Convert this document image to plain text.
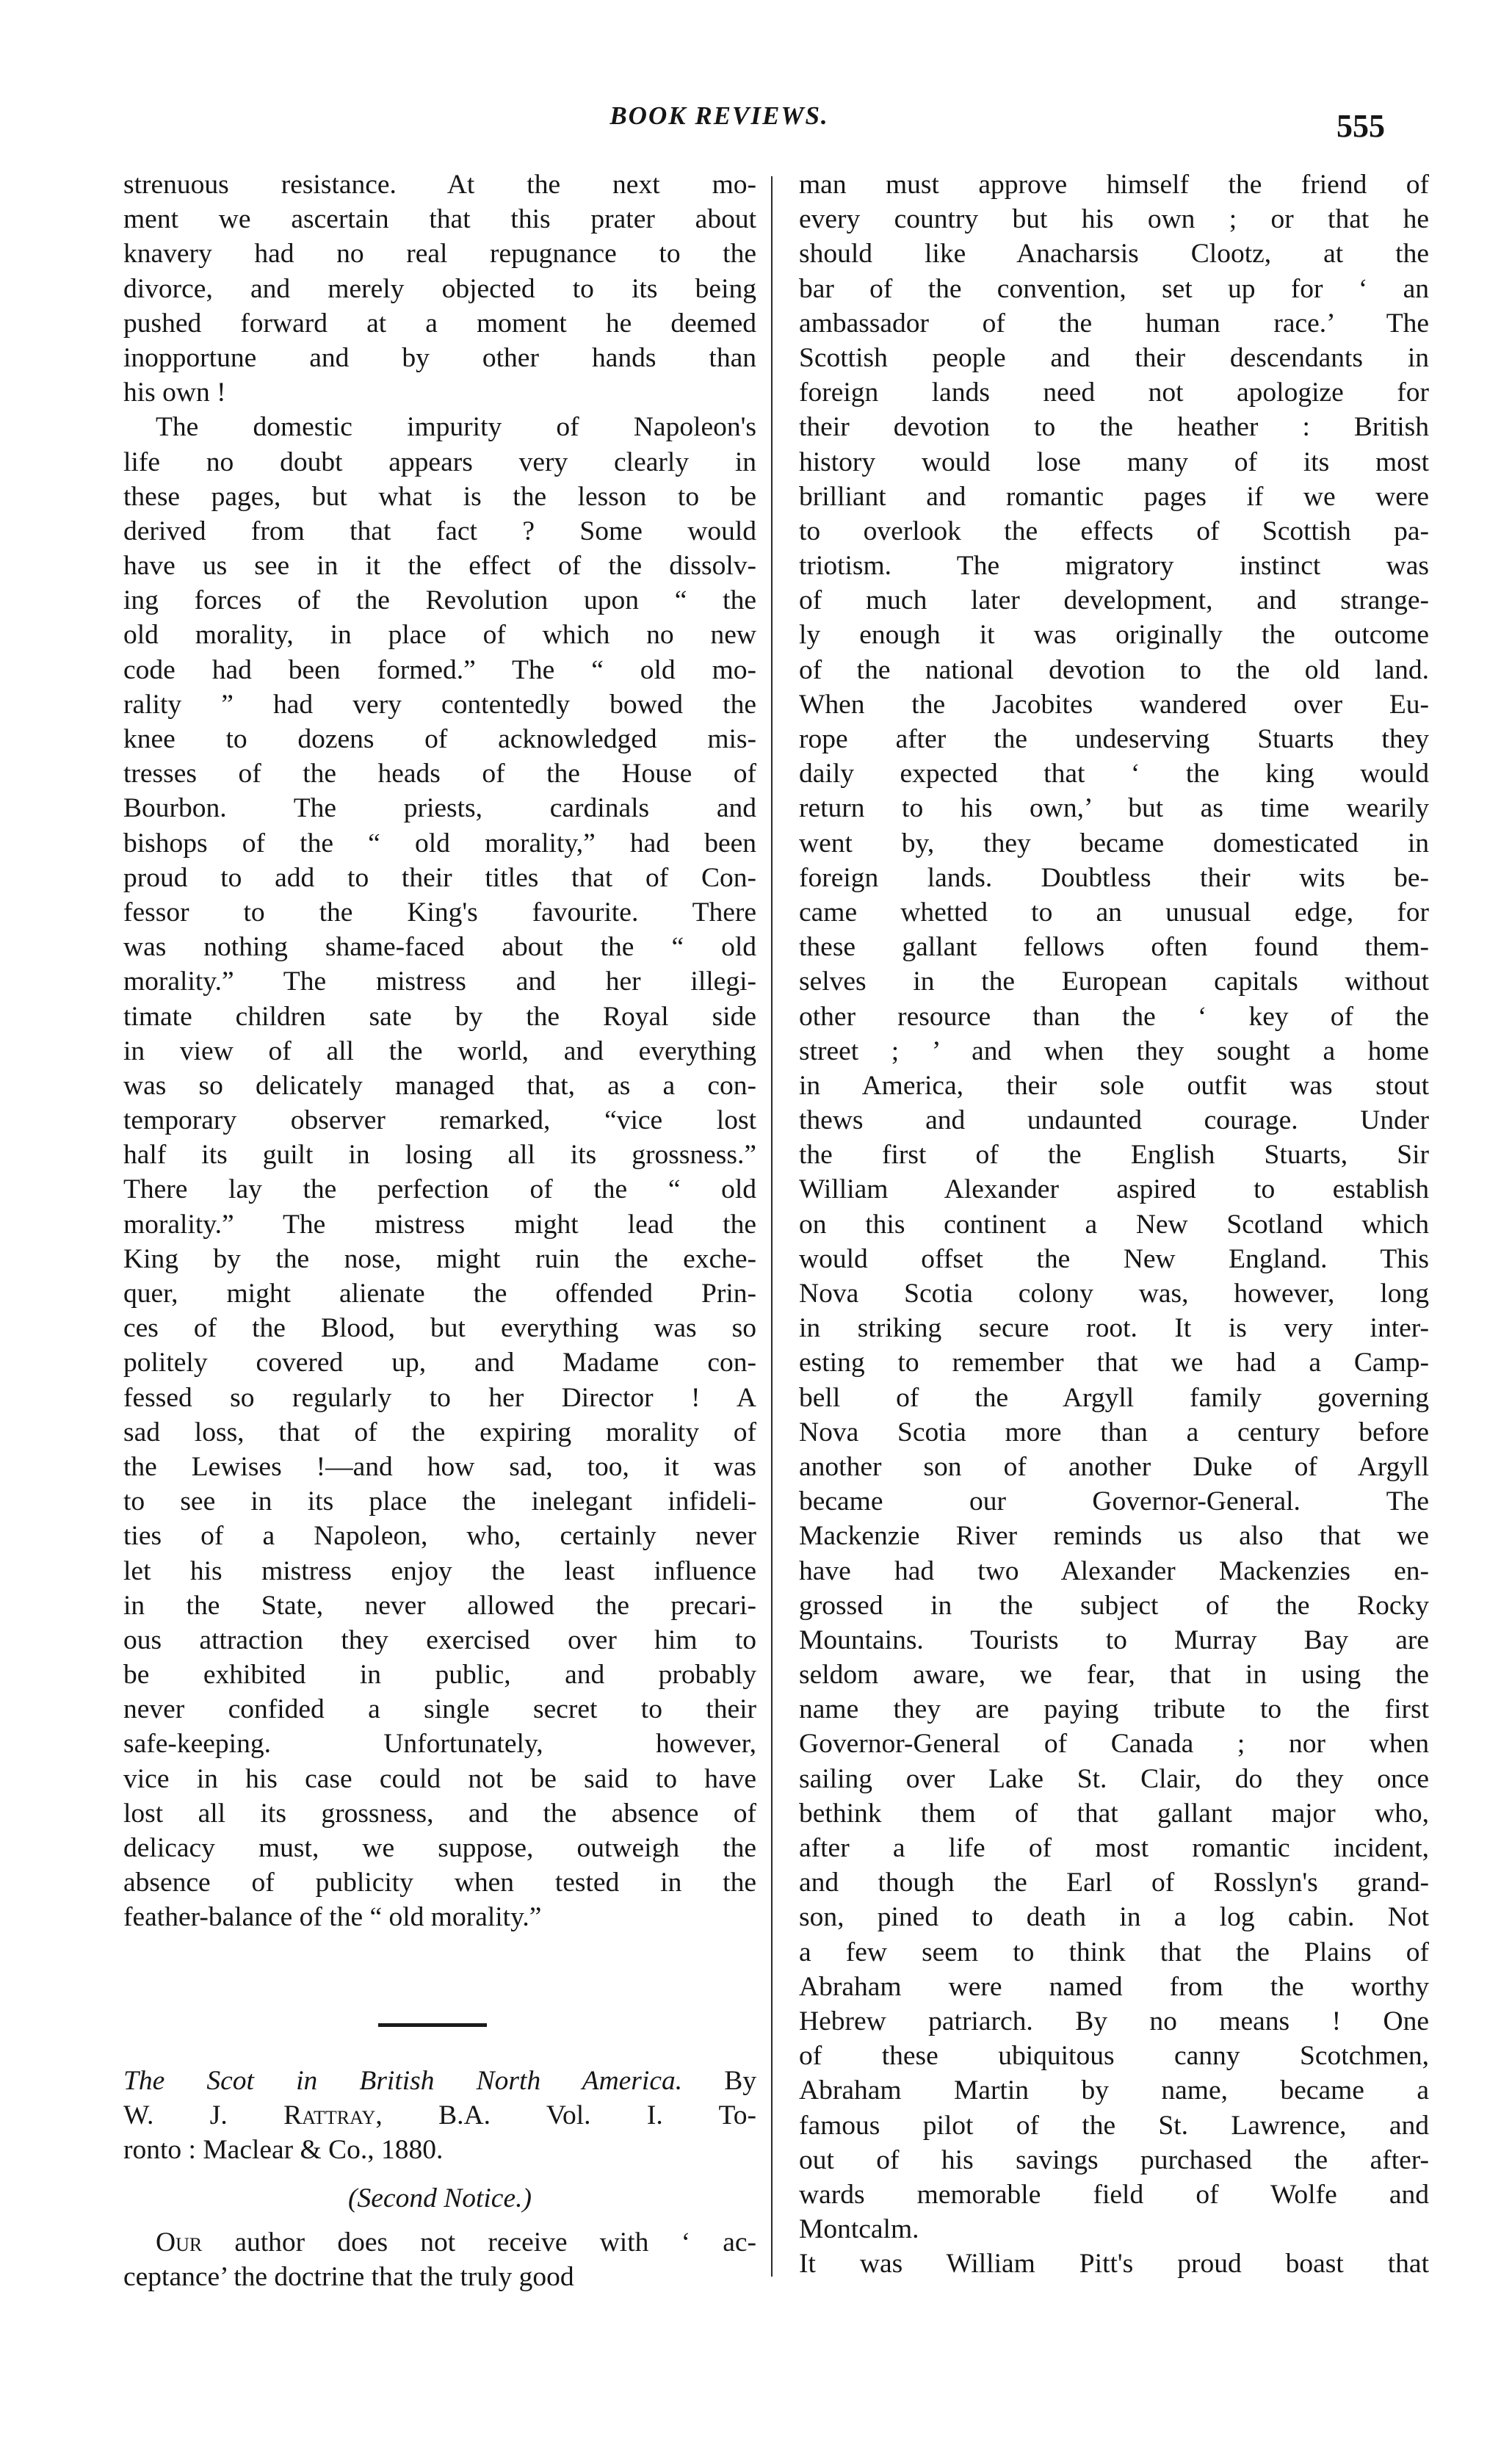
BOOK REVIEWS.	555
strenuous resistance. At the next mo-
ment we ascertain that this prater about
knavery had no real repugnance to the
divorce, and merely objected to its being
pushed forward at a moment he deemed
inopportune and by other hands than
his own !
The domestic impurity of Napoleon's
life no doubt appears very clearly in
these pages, but what is the lesson to be
derived from that fact ? Some would
have us see in it the effect of the dissolv-
ing forces of the Revolution upon “ the
old morality, in place of which no new
code had been formed.” The “ old mo-
rality ” had very contentedly bowed the
knee to dozens of acknowledged mis-
tresses of the heads of the House of
Bourbon. The priests, cardinals and
bishops of the “ old morality,” had been
proud to add to their titles that of Con-
fessor to the King's favourite. There
was nothing shame-faced about the “ old
morality.” The mistress and her illegi-
timate children sate by the Royal side
in view of all the world, and everything
was so delicately managed that, as a con-
temporary observer remarked, “vice lost
half its guilt in losing all its grossness.”
There lay the perfection of the “ old
morality.” The mistress might lead the
King by the nose, might ruin the exche-
quer, might alienate the offended Prin-
ces of the Blood, but everything was so
politely covered up, and Madame con-
fessed so regularly to her Director ! A
sad loss, that of the expiring morality of
the Lewises !—and how sad, too, it was
to see in its place the inelegant infideli-
ties of a Napoleon, who, certainly never
let his mistress enjoy the least influence
in the State, never allowed the precari-
ous attraction they exercised over him to
be exhibited in public, and probably
never confided a single secret to their
safe-keeping. Unfortunately, however,
vice in his case could not be said to have
lost all its grossness, and the absence of
delicacy must, we suppose, outweigh the
absence of publicity when tested in the
feather-balance of the “ old morality.”
man must approve himself the friend of
every country but his own ; or that he
should like Anacharsis Clootz, at the
bar of the convention, set up for ‘ an
ambassador of the human race.’ The
Scottish people and their descendants in
foreign lands need not apologize for
their devotion to the heather : British
history would lose many of its most
brilliant and romantic pages if we were
to overlook the effects of Scottish pa-
triotism. The migratory instinct was
of much later development, and strange-
ly enough it was originally the outcome
of the national devotion to the old land.
When the Jacobites wandered over Eu-
rope after the undeserving Stuarts they
daily expected that ‘ the king would
return to his own,’ but as time wearily
went by, they became domesticated in
foreign lands. Doubtless their wits be-
came whetted to an unusual edge, for
these gallant fellows often found them-
selves in the European capitals without
other resource than the ‘ key of the
street ; ’ and when they sought a home
in America, their sole outfit was stout
thews and undaunted courage. Under
the first of the English Stuarts, Sir
William Alexander aspired to establish
on this continent a New Scotland which
would offset the New England. This
Nova Scotia colony was, however, long
in striking secure root. It is very inter-
esting to remember that we had a Camp-
bell of the Argyll family governing
Nova Scotia more than a century before
another son of another Duke of Argyll
became our Governor-General. The
Mackenzie River reminds us also that we
have had two Alexander Mackenzies en-
grossed in the subject of the Rocky
Mountains. Tourists to Murray Bay are
seldom aware, we fear, that in using the
name they are paying tribute to the first
Governor-General of Canada ; nor when
sailing over Lake St. Clair, do they once
bethink them of that gallant major who,
after a life of most romantic incident,
and though the Earl of Rosslyn's grand-
son, pined to death in a log cabin. Not
a few seem to think that the Plains of
Abraham were named from the worthy
Hebrew patriarch. By no means ! One
of these ubiquitous canny Scotchmen,
Abraham Martin by name, became a
famous pilot of the St. Lawrence, and
out of his savings purchased the after-
wards memorable field of Wolfe and
Montcalm.
It was William Pitt's proud boast that
The Scot in British North America. By
W. J. Rattray, B.A. Vol. I. To-
ronto : Maclear & Co., 1880.
(Second Notice.)
Our author does not receive with ‘ ac-
ceptance’ the doctrine that the truly good
